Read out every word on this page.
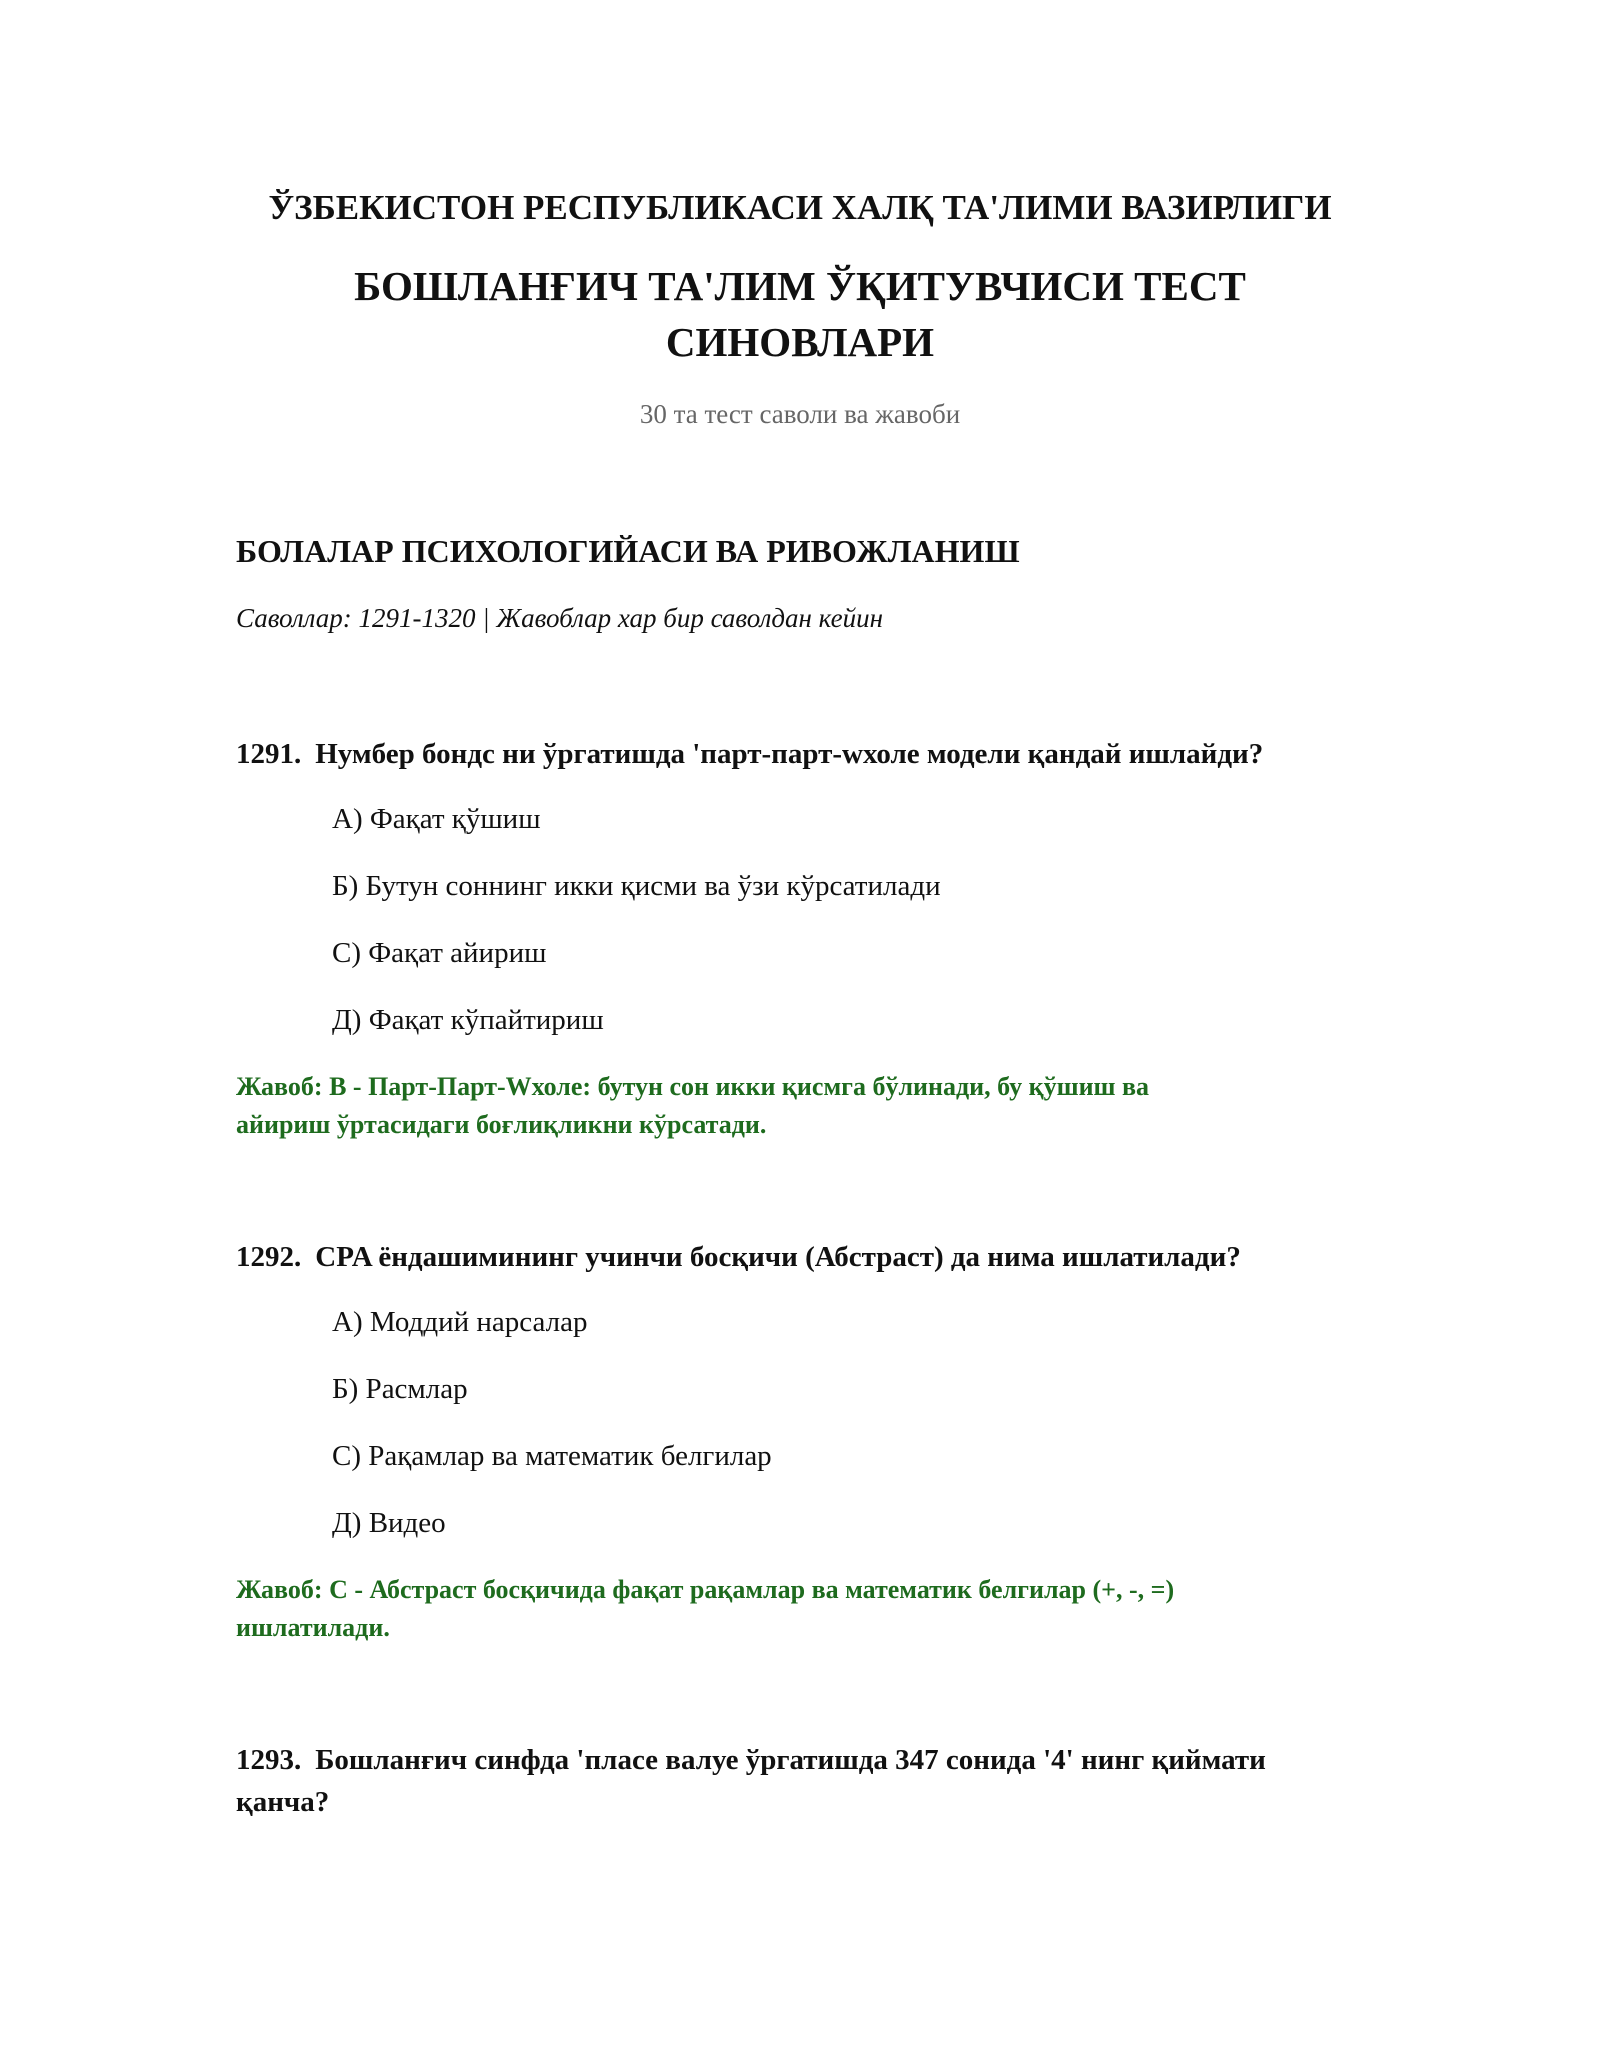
ЎЗБЕКИСТОН РЕСПУБЛИКАСИ ХАЛҚ ТА'ЛИМИ ВАЗИРЛИГИ
БОШЛАНҒИЧ ТА'ЛИМ ЎҚИТУВЧИСИ ТЕСТ
СИНОВЛАРИ
30 та тест саволи ва жавоби
БОЛАЛАР ПСИХОЛОГИЙАСИ ВА РИВОЖЛАНИШ
Саволлар: 1291-1320 | Жавоблар хар бир саволдан кейин
1291. Нумбер бондс ни ўргатишда 'парт-парт-wхоле модели қандай ишлайди?
А) Фақат қўшиш
Б) Бутун соннинг икки қисми ва ўзи кўрсатилади
С) Фақат айириш
Д) Фақат кўпайтириш
Жавоб: B - Парт-Парт-Wхоле: бутун сон икки қисмга бўлинади, бу қўшиш ва
айириш ўртасидаги боғлиқликни кўрсатади.
1292. CPA ёндашимининг учинчи босқичи (Абстраст) да нима ишлатилади?
А) Моддий нарсалар
Б) Расмлар
С) Рақамлар ва математик белгилар
Д) Видео
Жавоб: C - Абстраст босқичида фақат рақамлар ва математик белгилар (+, -, =)
ишлатилади.
1293. Бошланғич синфда 'пласе валуе ўргатишда 347 сонида '4' нинг қиймати
қанча?
